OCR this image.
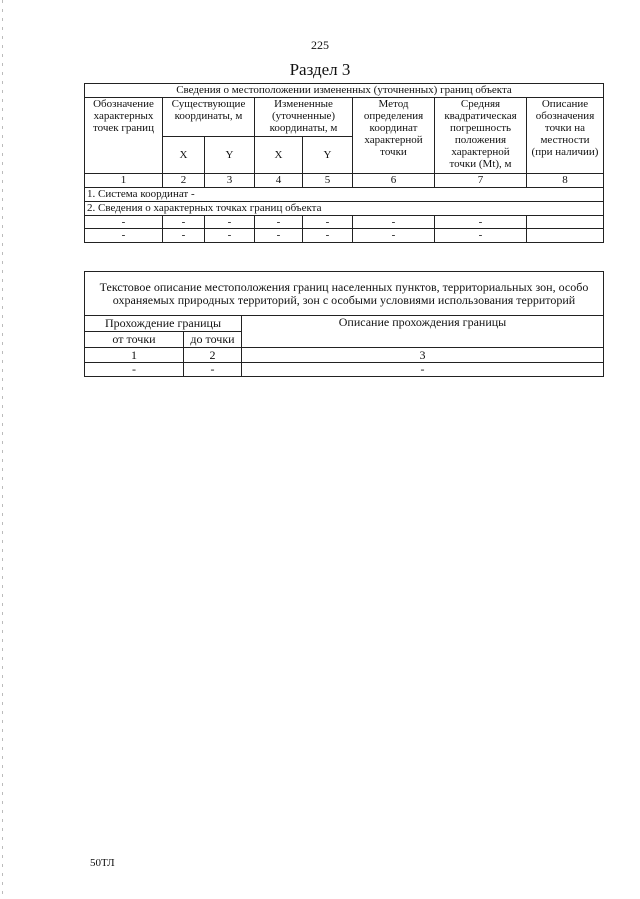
225
Раздел 3
Сведения о местоположении измененных (уточненных) границ объекта							
Обозначение характерных точек границ	Существующие координаты, м		Измененные (уточненные) координаты, м		Метод определения координат характерной точки	Средняя квадратическая погрешность положения характерной точки (Mt), м	Описание обозначения точки на местности (при наличии)
	X	Y	X	Y			
1	2	3	4	5	6	7	8
1. Система координат -							
2. Сведения о характерных точках границ объекта							
-	-	-	-	-	-	-	
-	-	-	-	-	-	-	
Текстовое описание местоположения границ населенных пунктов, территориальных зон, особо охраняемых природных территорий, зон с особыми условиями использования территорий		
Прохождение границы		Описание прохождения границы
от точки	до точки	
1	2	3
-	-	-
50ТЛ
